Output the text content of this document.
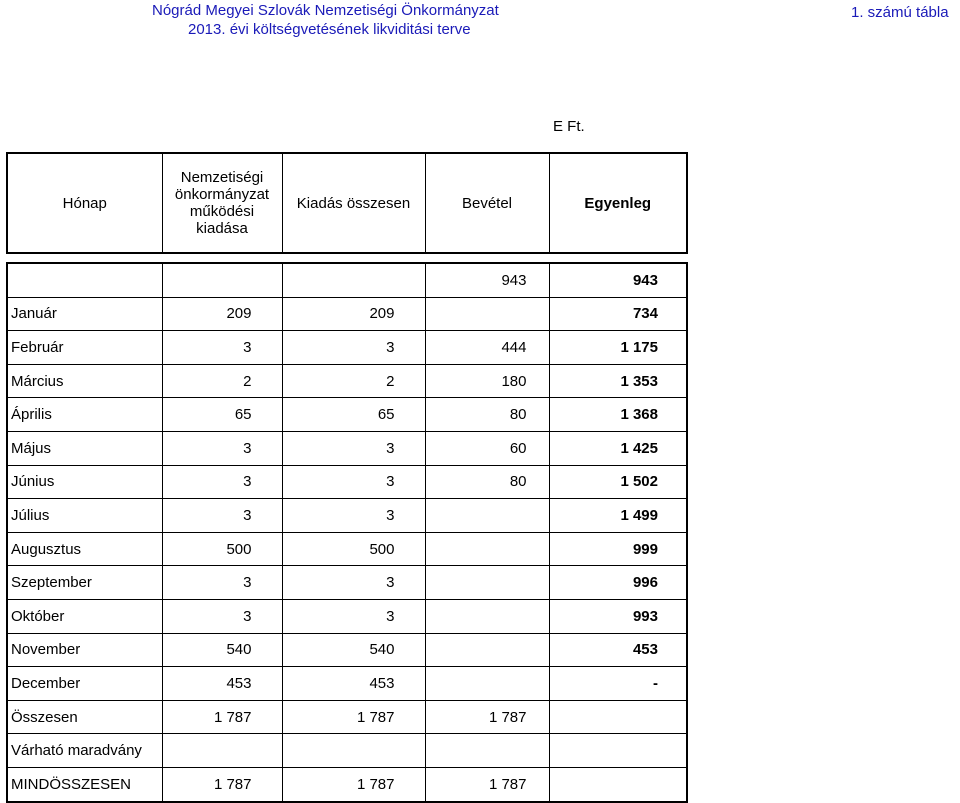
Nógrád Megyei Szlovák Nemzetiségi Önkormányzat
2013. évi költségvetésének likviditási terve
1. számú tábla
E Ft.
Hónap	Nemzetiségi
önkormányzat
működési
kiadása	Kiadás összesen	Bevétel	Egyenleg

			943	943
Január	209	209		734
Február	3	3	444	1 175
Március	2	2	180	1 353
Április	65	65	80	1 368
Május	3	3	60	1 425
Június	3	3	80	1 502
Július	3	3		1 499
Augusztus	500	500		999
Szeptember	3	3		996
Október	3	3		993
November	540	540		453
December	453	453		-
Összesen	1 787	1 787	1 787	
Várható maradvány				
MINDÖSSZESEN	1 787	1 787	1 787	
